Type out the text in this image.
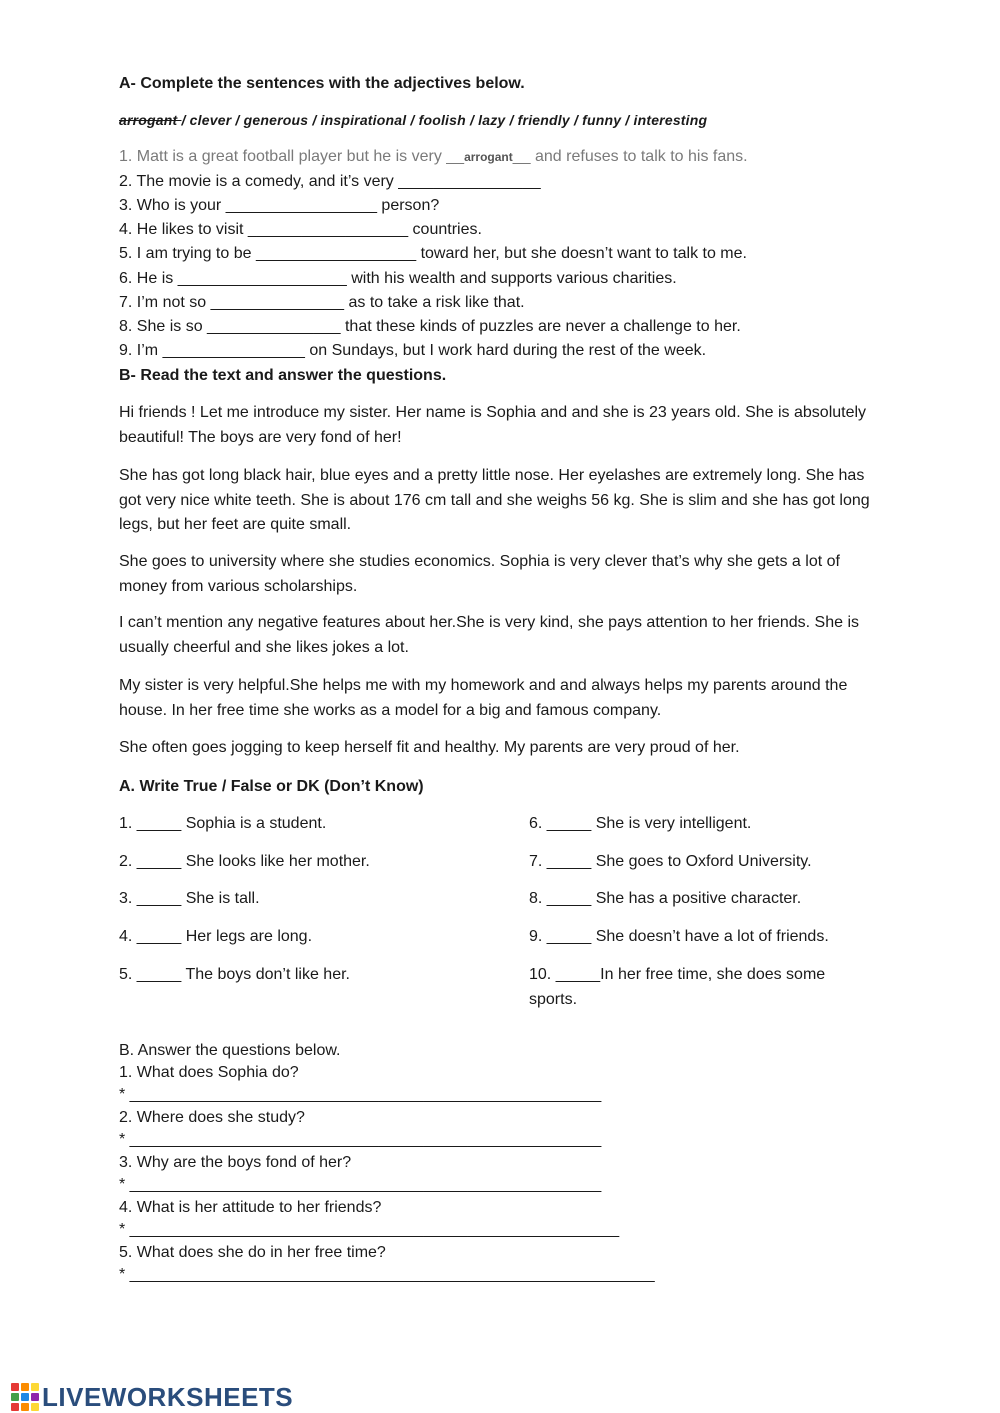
A- Complete the sentences with the adjectives below.
arrogant / clever / generous / inspirational / foolish / lazy / friendly / funny / interesting
1. Matt is a great football player but he is very __arrogant__ and refuses to talk to his fans.
2. The movie is a comedy, and it’s very ________________
3. Who is your _________________ person?
4. He likes to visit __________________ countries.
5. I am trying to be __________________ toward her, but she doesn’t want to talk to me.
6. He is ___________________ with his wealth and supports various charities.
7. I’m not so _______________ as to take a risk like that.
8. She is so _______________ that these kinds of puzzles are never a challenge to her.
9. I’m ________________ on Sundays, but I work hard during the rest of the week.
B- Read the text and answer the questions.
Hi friends ! Let me introduce my sister. Her name is Sophia and and she is 23 years old. She is absolutely beautiful! The boys are very fond of her!
She has got long black hair, blue eyes and a pretty little nose. Her eyelashes are extremely long. She has got very nice white teeth. She is about 176 cm tall and she weighs 56 kg. She is slim and she has got long legs, but her feet are quite small.
She goes to university where she studies economics. Sophia is very clever that’s why she gets a lot of money from various scholarships.
I can’t mention any negative features about her.She is very kind, she pays attention to her friends. She is usually cheerful and she likes jokes a lot.
My sister is very helpful.She helps me with my homework and and always helps my parents around the house. In her free time she works as a model for a big and famous company.
She often goes jogging to keep herself fit and healthy. My parents are very proud of her.
A. Write True / False or DK (Don’t Know)
1. _____ Sophia is a student.
2. _____ She looks like her mother.
3. _____ She is tall.
4. _____ Her legs are long.
5. _____ The boys don’t like her.
6. _____ She is very intelligent.
7. _____ She goes to Oxford University.
8. _____ She has a positive character.
9. _____ She doesn’t have a lot of friends.
10. _____In her free time, she does some
sports.
B. Answer the questions below.
1. What does Sophia do?
* _____________________________________________________
2. Where does she study?
* _____________________________________________________
3. Why are the boys fond of her?
* _____________________________________________________
4. What is her attitude to her friends?
* _______________________________________________________
5. What does she do in her free time?
* ___________________________________________________________
LIVEWORKSHEETS
